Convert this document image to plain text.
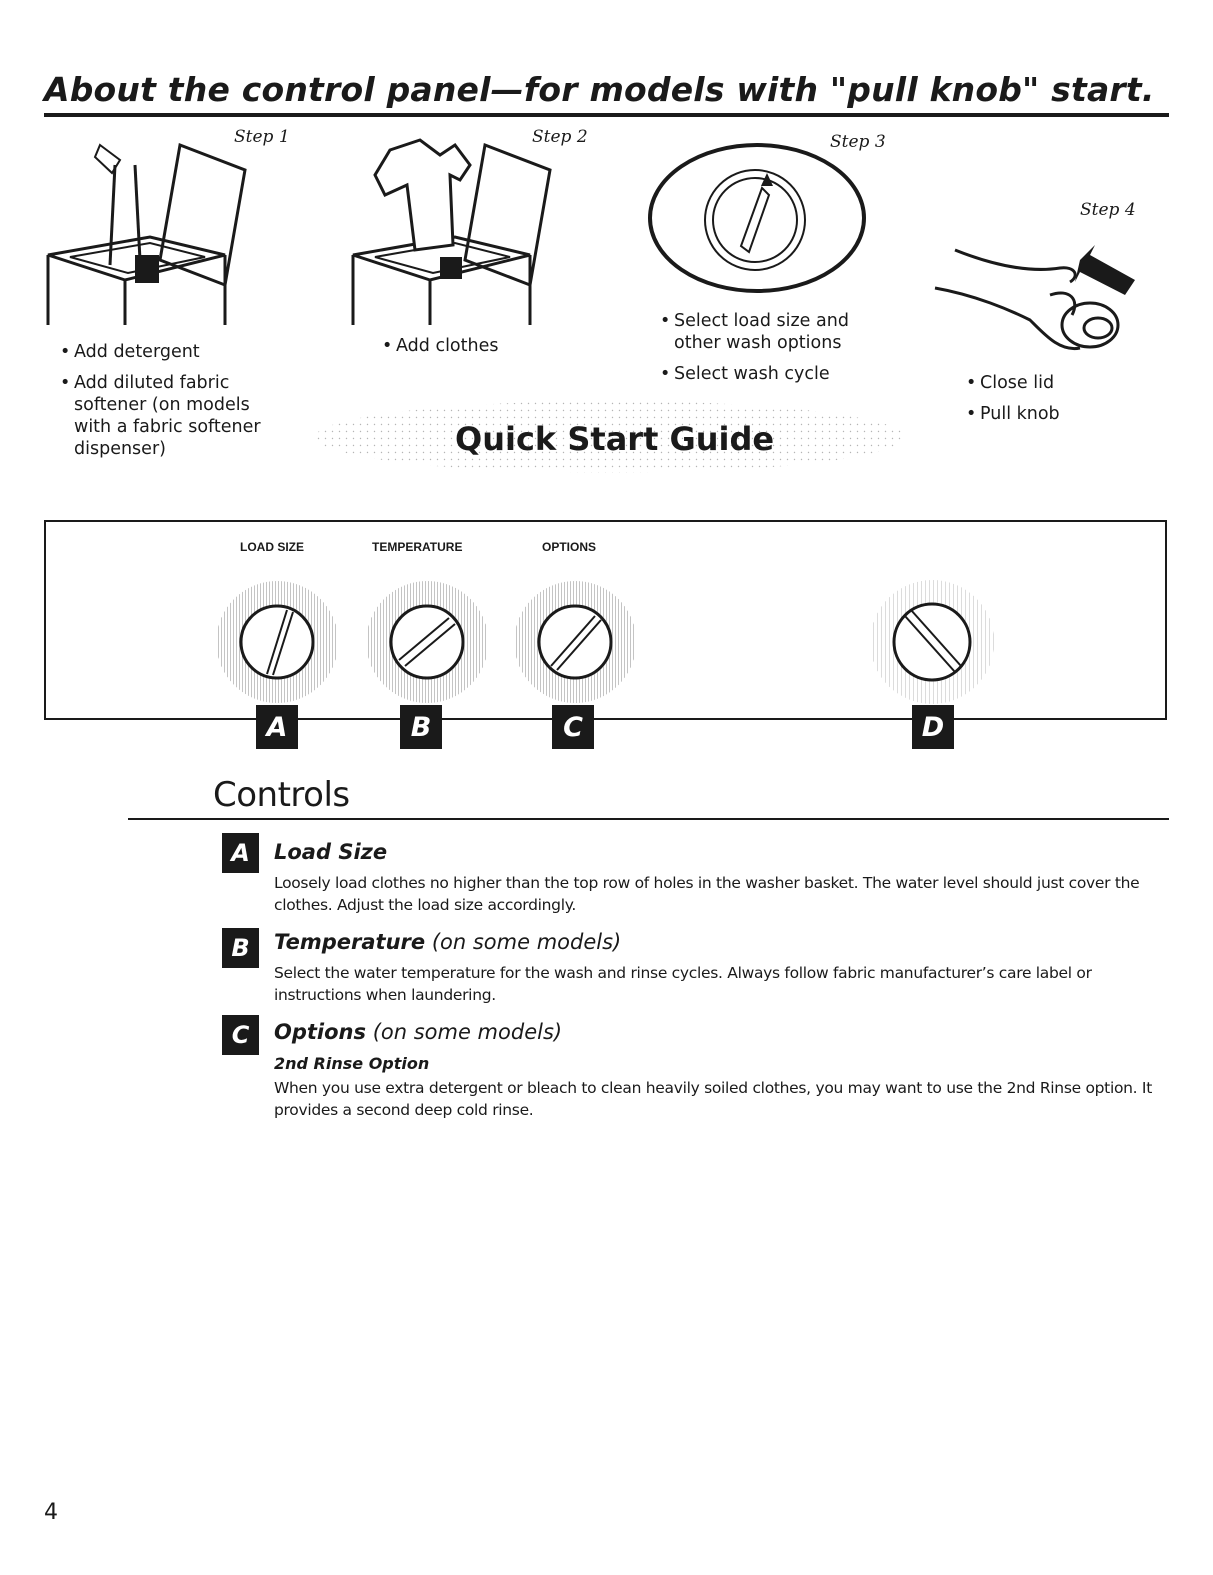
About the control panel—for models with "pull knob" start.
Step 1
• Add detergent
• Add diluted fabric softener (on models with a fabric softener dispenser)
Step 2
• Add clothes
Step 3
• Select load size and other wash options
• Select wash cycle
Step 4
• Close lid
• Pull knob
Quick Start Guide
LOAD SIZE	TEMPERATURE	OPTIONS
A	B	C	D
Controls
A	Load Size
Loosely load clothes no higher than the top row of holes in the washer basket. The water level should just cover the clothes. Adjust the load size accordingly.
B	Temperature (on some models)
Select the water temperature for the wash and rinse cycles. Always follow fabric manufacturer’s care label or instructions when laundering.
C	Options (on some models)
2nd Rinse Option
When you use extra detergent or bleach to clean heavily soiled clothes, you may want to use the 2nd Rinse option. It provides a second deep cold rinse.
4
